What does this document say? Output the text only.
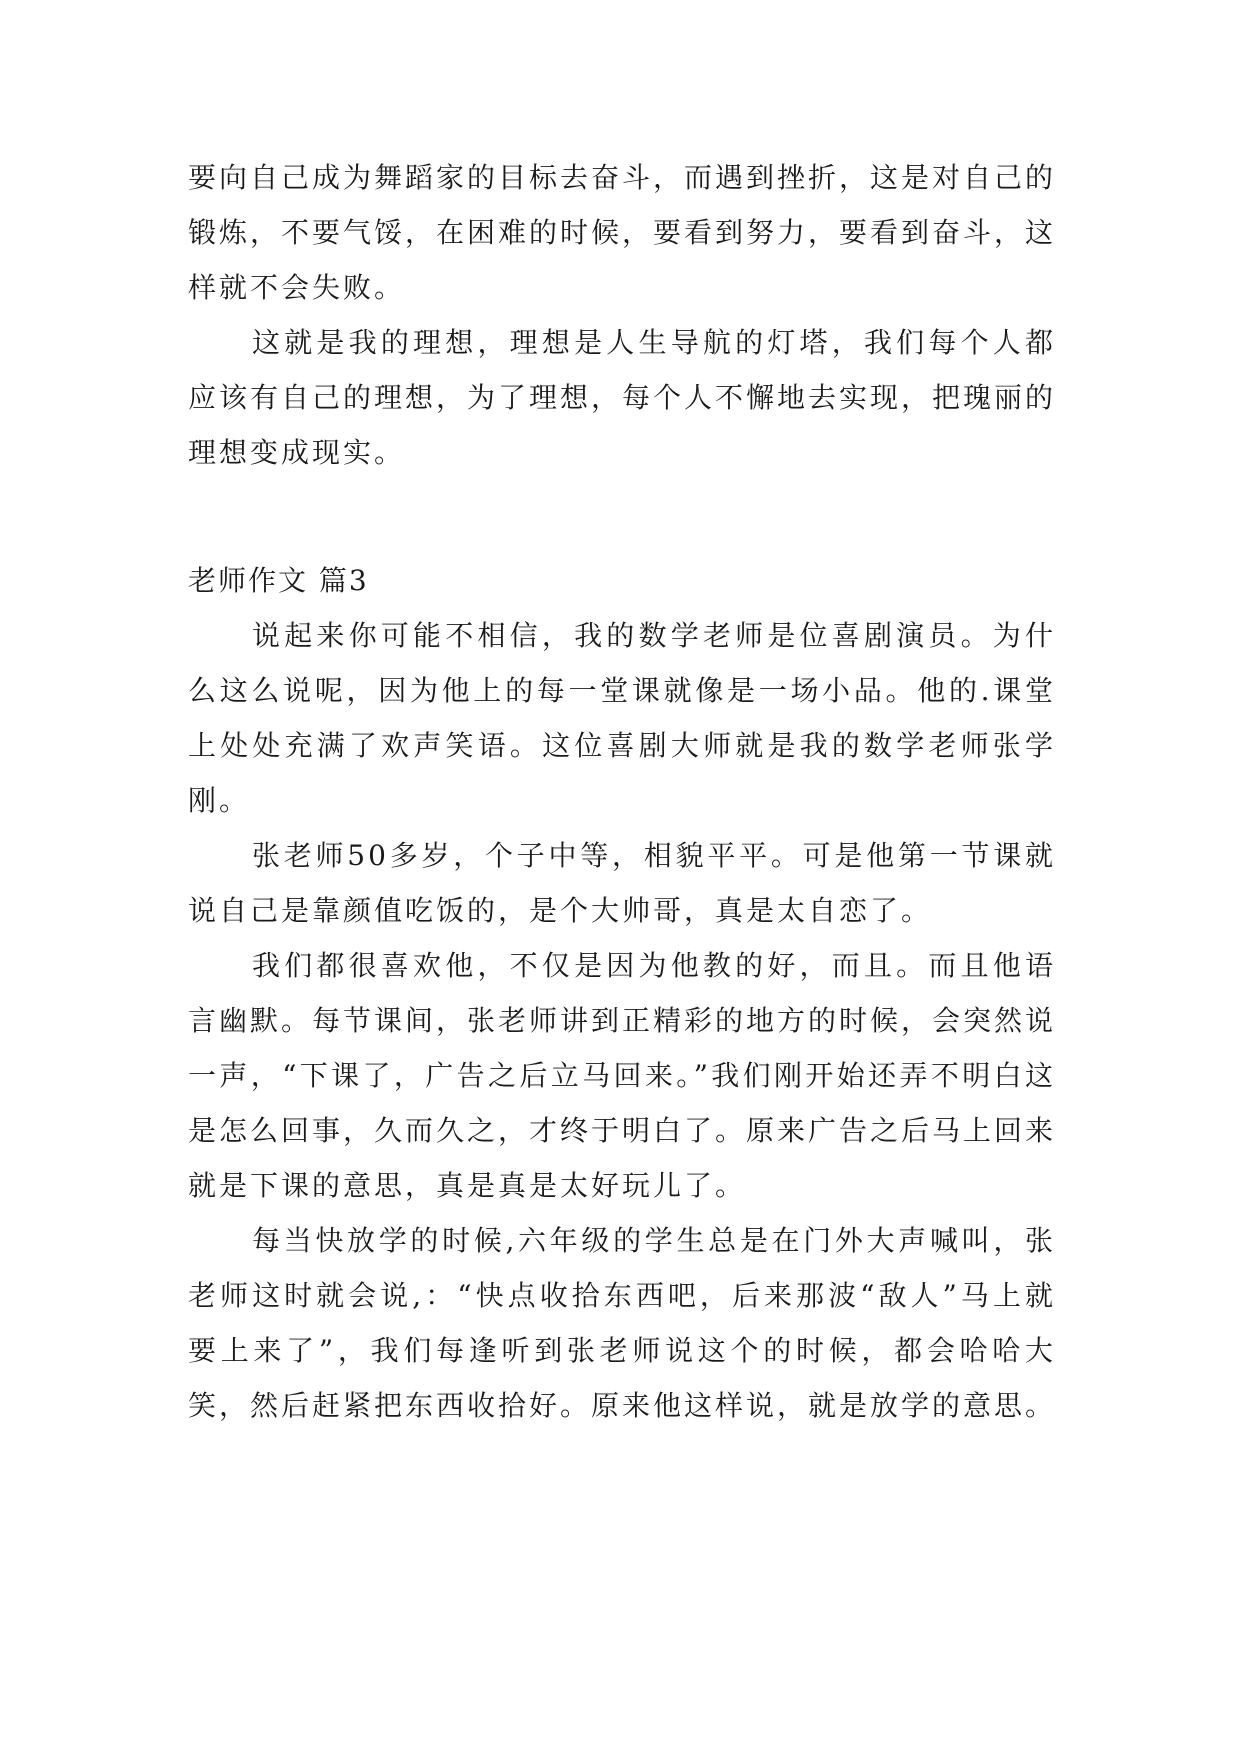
要向自己成为舞蹈家的目标去奋斗，而遇到挫折，这是对自己的锻炼，不要气馁，在困难的时候，要看到努力，要看到奋斗，这样就不会失败。

这就是我的理想，理想是人生导航的灯塔，我们每个人都应该有自己的理想，为了理想，每个人不懈地去实现，把瑰丽的理想变成现实。

老师作文 篇3

说起来你可能不相信，我的数学老师是位喜剧演员。为什么这么说呢，因为他上的每一堂课就像是一场小品。他的.课堂上处处充满了欢声笑语。这位喜剧大师就是我的数学老师张学刚。

张老师50多岁，个子中等，相貌平平。可是他第一节课就说自己是靠颜值吃饭的，是个大帅哥，真是太自恋了。

我们都很喜欢他，不仅是因为他教的好，而且。而且他语言幽默。每节课间，张老师讲到正精彩的地方的时候，会突然说一声，“下课了，广告之后立马回来。”我们刚开始还弄不明白这是怎么回事，久而久之，才终于明白了。原来广告之后马上回来就是下课的意思，真是真是太好玩儿了。

每当快放学的时候,六年级的学生总是在门外大声喊叫，张老师这时就会说,：“快点收拾东西吧，后来那波“敌人”马上就要上来了”，我们每逢听到张老师说这个的时候，都会哈哈大笑，然后赶紧把东西收拾好。原来他这样说，就是放学的意思。
